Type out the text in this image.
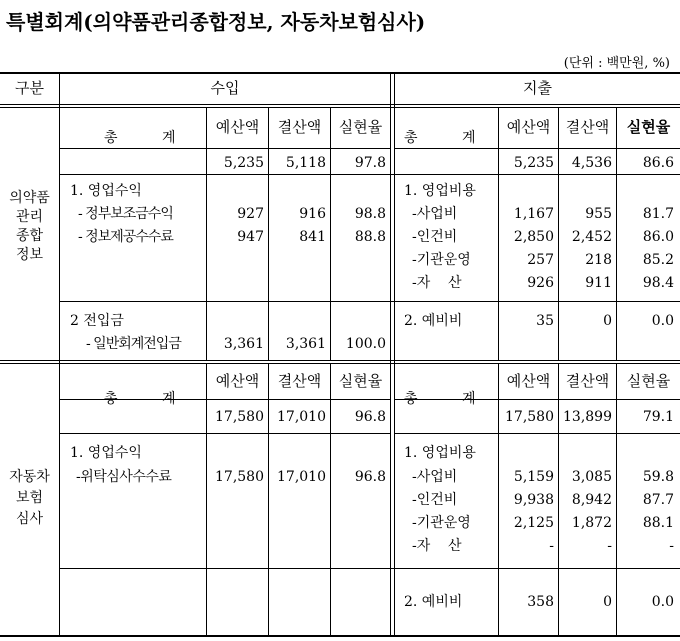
특별회계(의약품관리종합정보, 자동차보험심사)
(단위 : 백만원, %)
구분	수입	지출
의약품
관리
종합
정보
총	계
예산액	결산액	실현율
5,235	5,118	97.8
총	계
예산액	결산액	실현율
5,235	4,536	86.6
1. 영업수익
- 정부보조금수익	927	916	98.8
- 정보제공수수료	947	841	88.8
2 전입금
- 일반회계전입금	3,361	3,361	100.0
1. 영업비용
-사업비	1,167	955	81.7
-인건비	2,850	2,452	86.0
-기관운영	257	218	85.2
-자    산	926	911	98.4
2. 예비비	35	0	0.0
자동차
보험
심사
총	계
예산액	결산액	실현율
17,580 17,010	96.8
총	계
예산액	결산액	실현율
17,580 13,899	79.1
1. 영업수익
-위탁심사수수료	17,580 17,010	96.8
1. 영업비용
-사업비	5,159	3,085	59.8
-인건비	9,938	8,942	87.7
-기관운영	2,125	1,872	88.1
-자    산	-	-	-
2. 예비비	358	0	0.0
